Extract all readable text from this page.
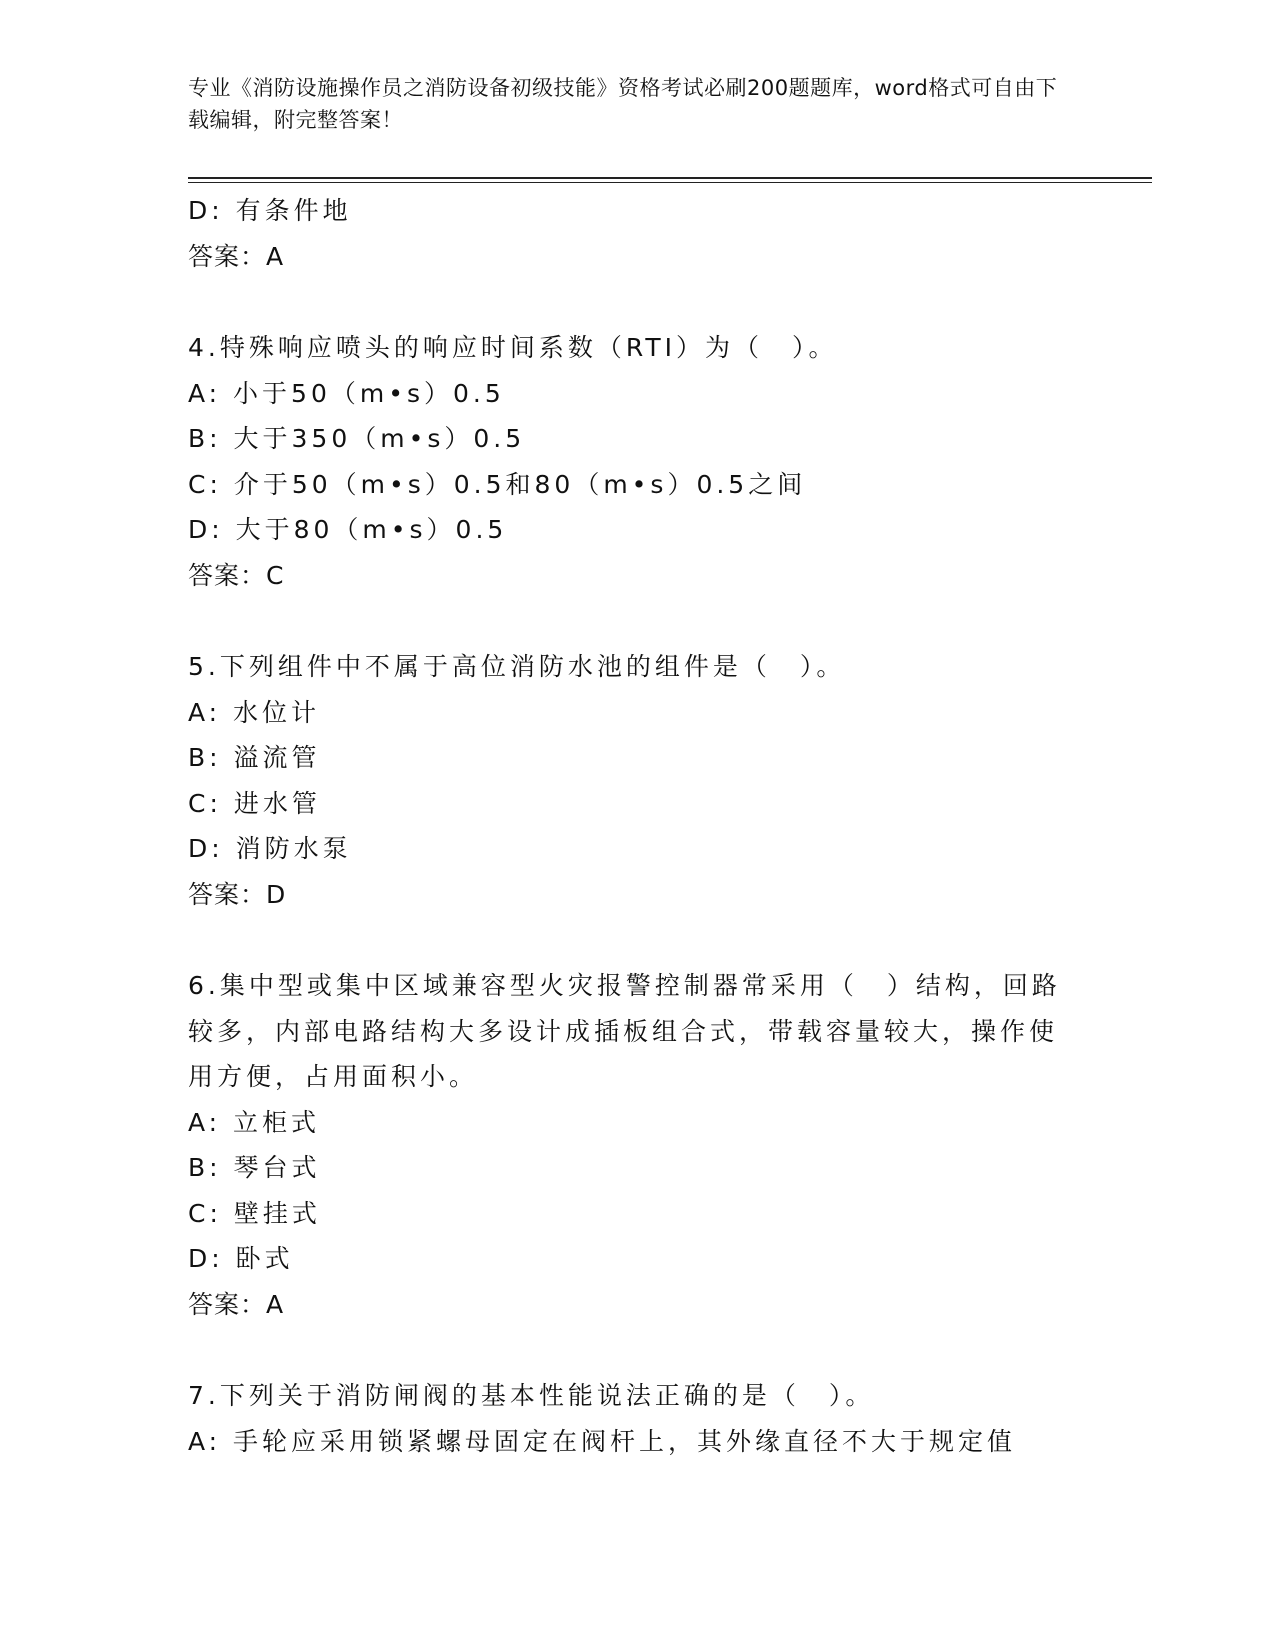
专业《消防设施操作员之消防设备初级技能》资格考试必刷200题题库，word格式可自由下载编辑，附完整答案！
D: 有条件地
答案：A
4.特殊响应喷头的响应时间系数（RTI）为（　）。
A: 小于50（m•s）0.5
B: 大于350（m•s）0.5
C: 介于50（m•s）0.5和80（m•s）0.5之间
D: 大于80（m•s）0.5
答案：C
5.下列组件中不属于高位消防水池的组件是（　）。
A: 水位计
B: 溢流管
C: 进水管
D: 消防水泵
答案：D
6.集中型或集中区域兼容型火灾报警控制器常采用（　）结构，回路
较多，内部电路结构大多设计成插板组合式，带载容量较大，操作使
用方便，占用面积小。
A: 立柜式
B: 琴台式
C: 壁挂式
D: 卧式
答案：A
7.下列关于消防闸阀的基本性能说法正确的是（　）。
A: 手轮应采用锁紧螺母固定在阀杆上，其外缘直径不大于规定值
